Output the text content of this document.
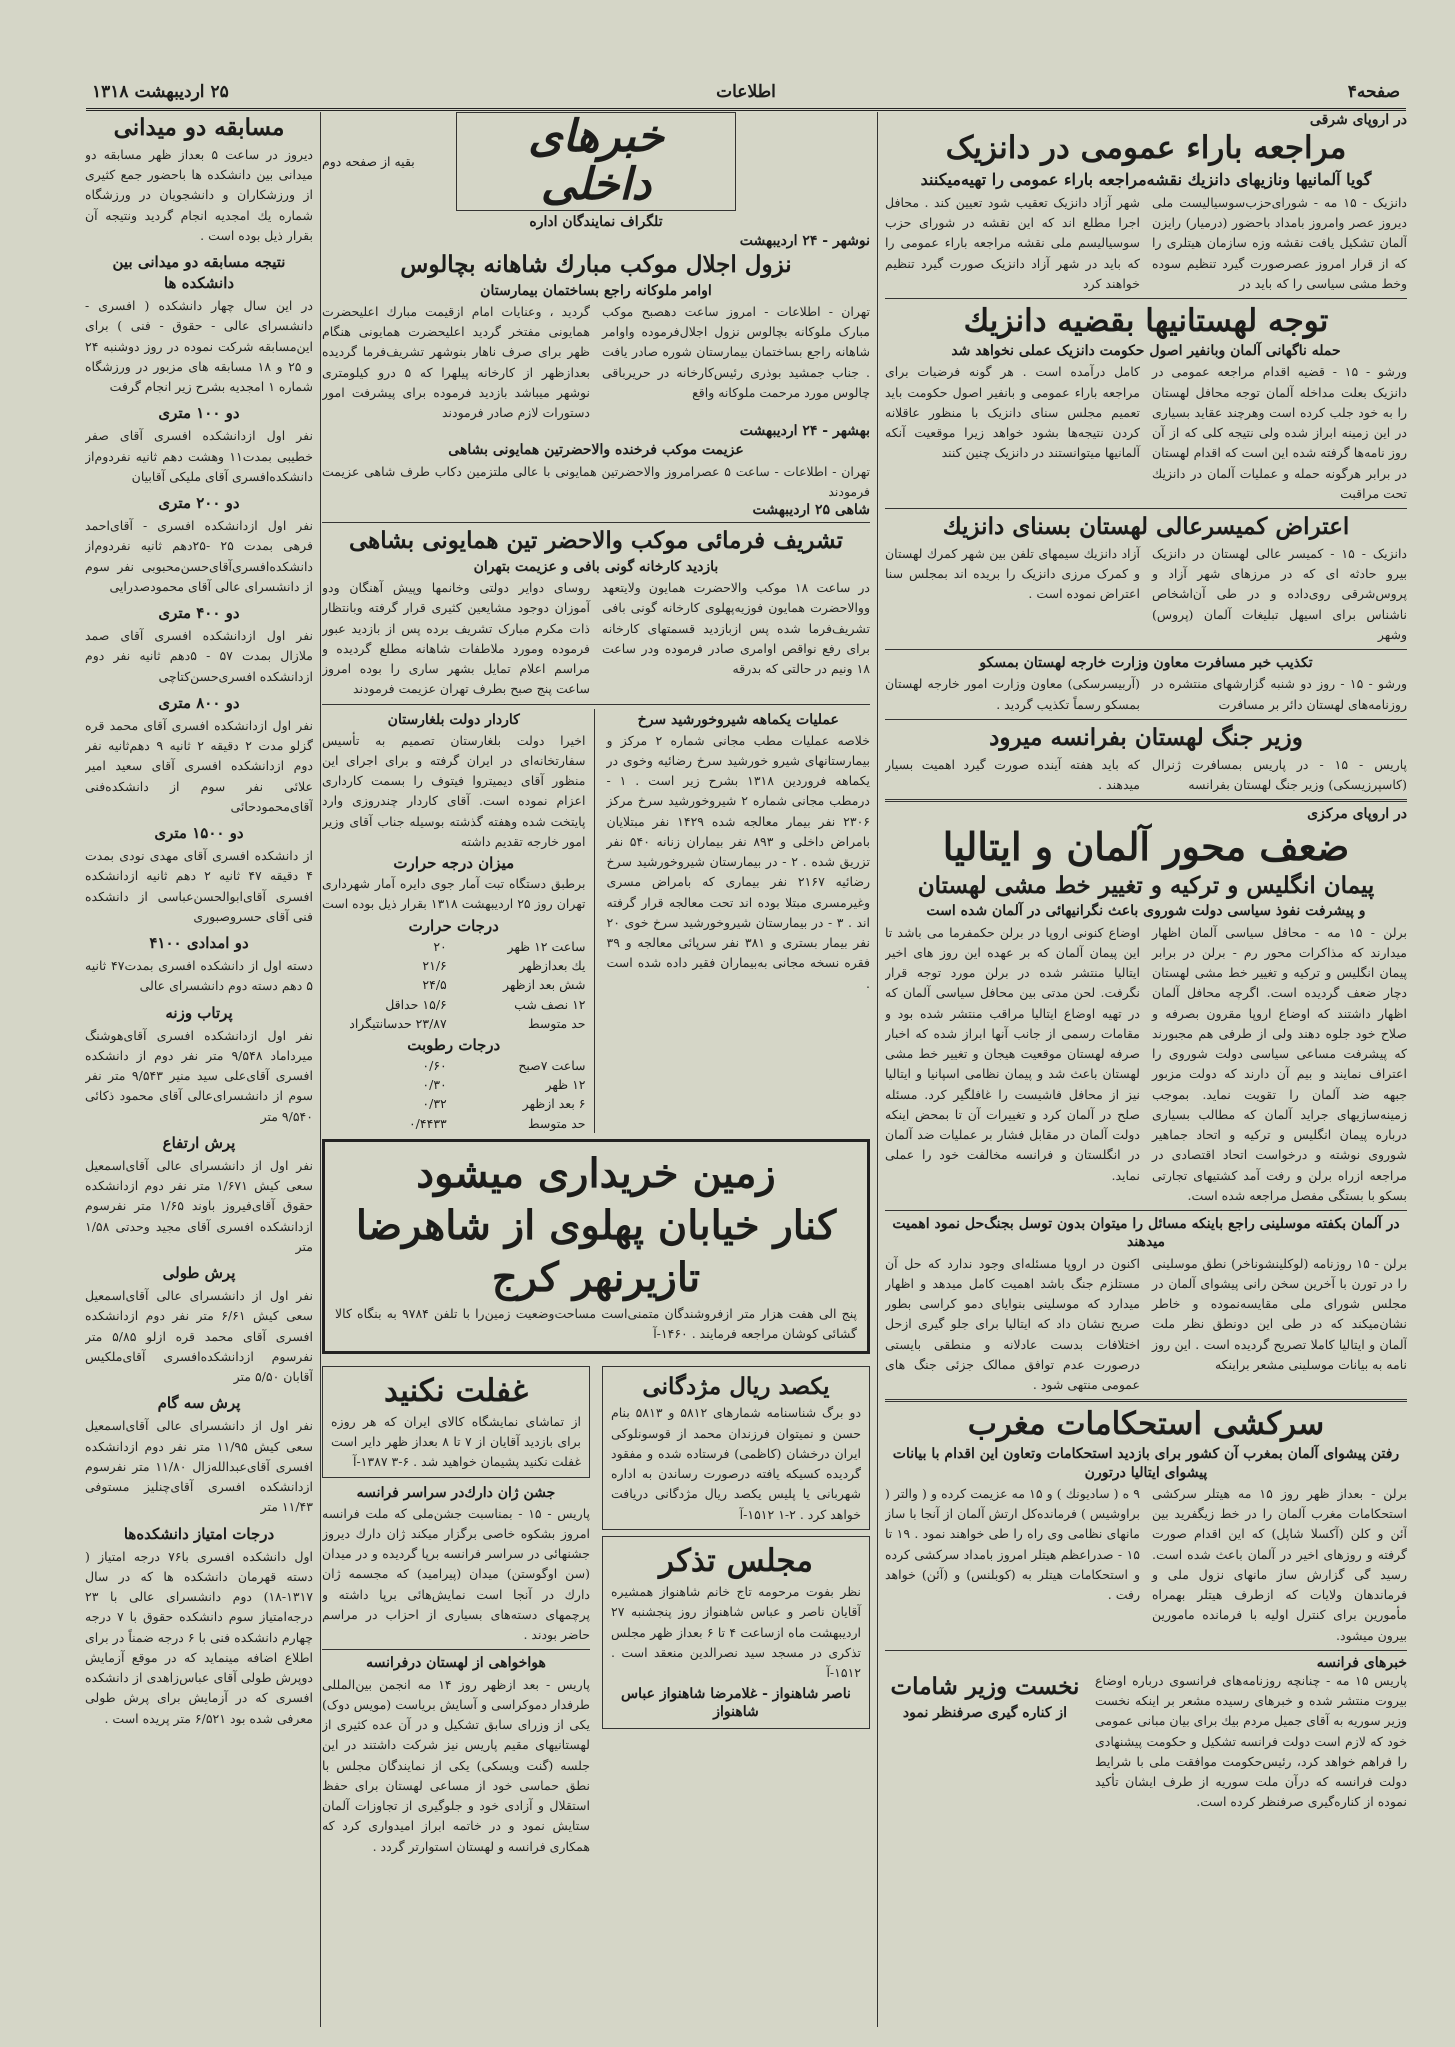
صفحه۴
اطلاعات
۲۵ اردیبهشت ۱۳۱۸
در اروپای شرقی
مراجعه باراء عمومی در دانزیک
گویا آلمانیها ونازیهای دانزیك نقشه‌مراجعه باراء عمومی را تهیه‌میکنند
دانزیک - ۱۵ مه - شورای‌حزب‌سوسیالیست ملی دیروز عصر وامروز بامداد باحضور (درمیار) رایزن آلمان تشکیل یافت نقشه وزه سازمان هیتلری را که از قرار امروز عصرصورت گیرد تنظیم سوده وخط مشی سیاسی را که باید در
شهر آزاد دانزیک تعقیب شود تعیین کند . محافل اجرا مطلع اند که این نقشه در شورای حزب سوسیالیسم ملی نقشه مراجعه باراء عمومی را که باید در شهر آزاد دانزیک صورت گیرد تنظیم خواهند کرد
توجه لهستانیها بقضیه دانزیك
حمله ناگهانی آلمان وبانفیر اصول حکومت دانزیک عملی نخواهد شد
ورشو - ۱۵ - قضیه اقدام مراجعه عمومی در دانزیک بعلت مداخله آلمان توجه محافل لهستان را به خود جلب کرده است وهرچند عقاید بسیاری در این زمینه ابراز شده ولی نتیجه کلی که از آن روز نامه‌ها گرفته شده این است که اقدام لهستان در برابر هرگونه حمله و عملیات آلمان در دانزیك تحت مراقبت
کامل درآمده است . هر گونه فرضیات برای مراجعه باراء عمومی و بانفیر اصول حکومت باید تعمیم مجلس سنای دانزیک با منظور عاقلانه کردن نتیجه‌ها بشود خواهد زیرا موقعیت آنکه آلمانیها میتوانستند در دانزیک چنین کنند
اعتراض کمیسرعالی لهستان بسنای دانزیك
دانزیک - ۱۵ - کمیسر عالی لهستان در دانزیک بیرو حادثه ای که در مرزهای شهر آزاد و پروس‌شرقی روی‌داده و در طی آن‌اشخاص ناشناس برای اسیهل تبلیغات آلمان (پروس) وشهر
آزاد دانزیك سیمهای تلفن بین شهر کمرك لهستان و کمرک مرزی دانزیک را بریده اند بمجلس سنا اعتراض نموده است .
تکذیب خبر مسافرت معاون وزارت خارجه لهستان بمسکو
ورشو - ۱۵ - روز دو شنبه گزارشهای منتشره در روزنامه‌های لهستان دائر بر مسافرت
(آربیسرسکی) معاون وزارت امور خارجه لهستان بمسکو رسماً تکذیب گردید .
وزیر جنگ لهستان بفرانسه میرود
پاریس - ۱۵ - در پاریس بمسافرت ژنرال (کاسپرزیسکی) وزیر جنگ لهستان بفرانسه
که باید هفته آینده صورت گیرد اهمیت بسیار میدهند .
در اروپای مرکزی
ضعف محور آلمان و ایتالیا
پیمان انگلیس و ترکیه و تغییر خط مشی لهستان
و پیشرفت نفوذ سیاسی دولت شوروی باعث نگرانیهائی در آلمان شده است
برلن - ۱۵ مه - محافل سیاسی آلمان اظهار میدارند که مذاکرات محور رم - برلن در برابر پیمان انگلیس و ترکیه و تغییر خط مشی لهستان دچار ضعف گردیده است. اگرچه محافل آلمان اظهار داشتند که اوضاع اروپا مقرون بصرفه و صلاح خود جلوه دهند ولی از طرفی هم مجبورند که پیشرفت مساعی سیاسی دولت شوروی را اعتراف نمایند و بیم آن دارند که دولت مزبور جبهه ضد آلمان را تقویت نماید. بموجب زمینه‌سازیهای جراید آلمان که مطالب بسیاری درباره پیمان انگلیس و ترکیه و اتحاد جماهیر شوروی نوشته و درخواست اتحاد اقتصادی در مراجعه ازراه برلن و رفت آمد کشتیهای تجارتی بسکو با بستگی مفصل مراجعه شده است.
اوضاع کنونی اروپا در برلن حکمفرما می باشد تا این پیمان آلمان که بر عهده این روز های اخیر ایتالیا منتشر شده در برلن مورد توجه قرار نگرفت. لحن مدتی بین محافل سیاسی آلمان که در تهیه اوضاع ایتالیا مراقب منتشر شده بود و مقامات رسمی از جانب آنها ابراز شده که اخبار صرفه لهستان موقعیت هیجان و تغییر خط مشی لهستان باعث شد و پیمان نظامی اسپانیا و ایتالیا نیز از محافل فاشیست را غافلگیر کرد. مسئله صلح در آلمان کرد و تغییرات آن تا بمحض اینکه دولت آلمان در مقابل فشار بر عملیات ضد آلمان در انگلستان و فرانسه مخالفت خود را عملی نماید.
در آلمان بکفته موسلینی راجع باینکه مسائل را میتوان بدون توسل بجنگ‌حل نمود اهمیت میدهند
برلن - ۱۵ روزنامه (لوکلینشوناخر) نطق موسلینی را در تورن با آخرین سخن رانی پیشوای آلمان در مجلس شورای ملی مقایسه‌نموده و خاطر نشان‌میکند که در طی این دونطق نظر ملت آلمان و ایتالیا کاملا تصریح گردیده است . این روز نامه به بیانات موسلینی مشعر براینکه
اکنون در اروپا مسئله‌ای وجود ندارد که حل آن مستلزم جنگ باشد اهمیت کامل میدهد و اظهار میدارد که موسلینی بنوایای دمو کراسی بطور صریح نشان داد که ایتالیا برای جلو گیری ازحل اختلافات بدست عادلانه و منطقی بایستی درصورت عدم توافق ممالک جزئی جنگ های عمومی منتهی شود .
سرکشی استحکامات مغرب
رفتن پیشوای آلمان بمغرب آن کشور برای بازدید استحکامات وتعاون این اقدام با بیانات پیشوای ایتالیا درتورن
برلن - بعداز ظهر روز ۱۵ مه هیتلر سرکشی استحکامات مغرب آلمان را در خط زیگفرید بین آئن و کلن (آکسلا شاپل) که این اقدام صورت گرفته و روزهای اخیر در آلمان باعث شده است. رسید گی گزارش ساز مانهای نزول ملی و فرماندهان ولایات که ازطرف هیتلر بهمراه مأمورین برای کنترل اولیه با فرمانده مامورین بیرون میشود.
۹ ه ( سادیونك ) و ۱۵ مه عزیمت کرده و ( والتر ( براوشیس ) فرمانده‌کل ارتش آلمان از آنجا با ساز مانهای نظامی وی راه را طی خواهند نمود . ۱۹ تا ۱۵ - صدراعظم هیتلر امروز بامداد سرکشی کرده و استحکامات هیتلر به (کوبلنس) و (آئن) خواهد رفت .
خبرهای فرانسه
پاریس ۱۵ مه - چنانچه روزنامه‌های فرانسوی درباره اوضاع بیروت منتشر شده و خبرهای رسیده مشعر بر اینکه نخست وزیر سوریه به آقای جمیل مردم بیك برای بیان مبانی عمومی خود که لازم است دولت فرانسه تشکیل و حکومت پیشنهادی را فراهم خواهد کرد، رئیس‌حکومت موافقت ملی با شرایط دولت فرانسه که درآن ملت سوریه از طرف ایشان تأکید نموده از کناره‌گیری صرفنظر کرده است.
نخست وزیر شامات
از کناره گیری صرفنظر نمود
خبرهای داخلی
بقیه از صفحه دوم
تلگراف نمایندگان اداره
نوشهر - ۲۴ اردیبهشت
نزول اجلال موکب مبارك شاهانه بچالوس
اوامر ملوکانه راجع بساختمان بیمارستان
تهران - اطلاعات - امروز ساعت دهصبح موکب مبارک ملوکانه بچالوس نزول اجلال‌فرموده واوامر شاهانه راجع بساختمان بیمارستان شوره صادر یافت . جناب جمشید بوذری رئیس‌کارخانه در حریرباقی چالوس مورد مرحمت ملوکانه واقع
گردید ، وعنایات امام ازقیمت مبارك اعلیحضرت همایونی مفتخر گردید اعلیحضرت همایونی هنگام ظهر برای صرف ناهار بنوشهر تشریف‌فرما گردیده بعدازظهر از کارخانه پیلهرا که ۵ درو کیلومتری نوشهر میباشد بازدید فرموده برای پیشرفت امور دستورات لازم صادر فرمودند
بهشهر - ۲۴ اردیبهشت
عزیمت موکب فرخنده والاحضرتین همایونی بشاهی
تهران - اطلاعات - ساعت ۵ عصرامروز والاحضرتین همایونی با عالی ملتزمین دکاب طرف شاهی عزیمت فرمودند
شاهی ۲۵ اردیبهشت
تشریف فرمائی موکب والاحضر تین همایونی بشاهی
بازدید کارخانه گونی بافی و عزیمت بتهران
در ساعت ۱۸ موکب والاحضرت همایون ولایتعهد ووالاحضرت همایون فوزیه‌پهلوی کارخانه گونی بافی تشریف‌فرما شده پس ازبازدید قسمتهای کارخانه برای رفع نواقص اوامری صادر فرموده ودر ساعت ۱۸ ونیم در حالتی که بدرقه
روسای دوایر دولتی وخانمها وپیش آهنگان ودو آموزان دوجود مشایعین کثیری قرار گرفته وبانتظار ذات مکرم مبارک تشریف برده پس از بازدید عبور فرموده ومورد ملاطفات شاهانه مطلع گردیده و مراسم اعلام تمایل بشهر ساری را بوده امروز ساعت پنج صبح بطرف تهران عزیمت فرمودند
عملیات یکماهه شیروخورشید سرخ
خلاصه عملیات مطب مجانی شماره ۲ مرکز و بیمارستانهای شیرو خورشید سرخ رضائیه وخوی در یکماهه فروردین ۱۳۱۸ بشرح زیر است . ۱ - درمطب مجانی شماره ۲ شیروخورشید سرخ مرکز ۲۳۰۶ نفر بیمار معالجه شده ۱۴۲۹ نفر مبتلایان بامراض داخلی و ۸۹۳ نفر بیماران زنانه ۵۴۰ نفر تزریق شده . ۲ - در بیمارستان شیروخورشید سرخ رضائیه ۲۱۶۷ نفر بیماری که بامراض مسری وغیرمسری مبتلا بوده اند تحت معالجه قرار گرفته اند . ۳ - در بیمارستان شیروخورشید سرخ خوی ۲۰ نفر بیمار بستری و ۳۸۱ نفر سرپائی معالجه و ۳۹ فقره نسخه مجانی به‌بیماران فقیر داده شده است .
کاردار دولت بلغارستان
اخیرا دولت بلغارستان تصمیم به تأسیس سفارتخانه‌ای در ایران گرفته و برای اجرای این منظور آقای دیمیتروا فیتوف را بسمت کارداری اعزام نموده است. آقای کاردار چندروزی وارد پایتخت شده وهفته گذشته بوسیله جناب آقای وزیر امور خارجه تقدیم داشته
میزان درجه حرارت
برطبق دستگاه تبت آمار جوی دایره آمار شهرداری تهران روز ۲۵ اردیبهشت ۱۳۱۸ بقرار ذیل بوده است
درجات حرارت
ساعت ۱۲ ظهر
۲۰
یك بعدازظهر
۲۱/۶
شش بعد ازظهر
۲۴/۵
۱۲ نصف شب
۱۵/۶ حداقل
حد متوسط
۲۳/۸۷ حدسانتیگراد
درجات رطوبت
ساعت ۷صبح
۰/۶۰
۱۲ ظهر
۰/۳۰
۶ بعد ازظهر
۰/۳۲
حد متوسط
۰/۴۴۳۳
زمین خریداری میشود
کنار خیابان پهلوی از شاهرضا
تازیرنهر کرج
پنج الی هفت هزار متر ازفروشندگان متمنی‌است‌ مساحت‌وضعیت زمین‌را با تلفن ۹۷۸۴ به بنگاه کالا گشائی کوشان مراجعه فرمایند . ۱۴۶۰-آ
یکصد ریال مژدگانی
دو برگ شناسنامه شمارهای ۵۸۱۲ و ۵۸۱۳ بنام حسن و نمیتوان فرزندان محمد از قوسونلوکی ایران درخشان (کاظمی) فرستاده شده و مفقود گردیده کسیکه یافته درصورت رساندن به اداره شهربانی یا پلیس یکصد ریال مژدگانی دریافت خواهد کرد . ۲-۱ ۱۵۱۲-آ
مجلس تذکر
نظر بفوت مرحومه تاج خانم شاهنواز همشیره آقایان ناصر و عباس شاهنواز روز پنجشنبه ۲۷ اردیبهشت ماه ازساعت ۴ تا ۶ بعداز ظهر مجلس تذکری در مسجد سید نصرالدین منعقد است . ۱۵۱۲-آ
ناصر شاهنواز - غلامرضا شاهنواز عباس شاهنواز
غفلت نکنید
از تماشای نمایشگاه کالای ایران که هر روزه برای بازدید آقایان از ۷ تا ۸ بعداز ظهر دایر است غفلت نکنید پشیمان خواهید شد . ۶-۳ ۱۳۸۷-آ
جشن ژان دارك‌در سراسر فرانسه
پاریس - ۱۵ - بمناسبت جشن‌ملی که ملت فرانسه امروز بشکوه خاصی برگزار میکند ژان دارك دیروز جشنهائی در سراسر فرانسه برپا گردیده و در میدان (سن اوگوستن) میدان (پیرامید) که مجسمه ژان دارك در آنجا است نمایش‌هائی برپا داشته و پرچمهای دسته‌های بسیاری از احزاب در مراسم حاضر بودند .
هواخواهی از لهستان درفرانسه
پاریس - بعد ازظهر روز ۱۴ مه انجمن بین‌المللی طرفدار دموکراسی و آسایش بریاست (مویس دوک) یکی از وزرای سابق تشکیل و در آن عده کثیری از لهستانیهای مقیم پاریس نیز شرکت داشتند در این جلسه (گنت ویسکی) یکی از نمایندگان مجلس با نطق حماسی خود از مساعی لهستان برای حفظ استقلال و آزادی خود و جلوگیری از تجاوزات آلمان ستایش نمود و در خاتمه ابراز امیدواری کرد که همکاری فرانسه و لهستان استوارتر گردد .
مسابقه دو میدانی
دیروز در ساعت ۵ بعداز ظهر مسابقه دو میدانی بین دانشکده ها باحضور جمع کثیری از ورزشکاران و دانشجویان در ورزشگاه شماره یك امجدیه انجام گردید ونتیجه آن بقرار ذیل بوده است .
نتیجه مسابقه دو میدانی بین دانشکده ها
در این سال چهار دانشکده ( افسری - دانشسرای عالی - حقوق - فنی ) برای این‌مسابقه شرکت نموده در روز دوشنبه ۲۴ و ۲۵ و ۱۸ مسابقه های مزبور در ورزشگاه شماره ۱ امجدیه بشرح زیر انجام گرفت
دو ۱۰۰ متری
نفر اول ازدانشکده افسری آقای صفر خطیبی بمدت۱۱ وهشت دهم ثانیه نفردوم‌از دانشکده‌افسری آقای ملیکی آقابیان
دو ۲۰۰ متری
نفر اول ازدانشکده افسری - آقای‌احمد فرهی بمدت ۲۵ -۲۵دهم ثانیه نفردوم‌از دانشکده‌افسری‌آقای‌حسن‌محبوبی نفر سوم از دانشسرای عالی آقای محمودصدرایی
دو ۴۰۰ متری
نفر اول ازدانشکده افسری آقای صمد ملازال بمدت ۵۷ - ۵دهم ثانیه نفر دوم ازدانشکده افسری‌حسن‌کتاچی
دو ۸۰۰ متری
نفر اول ازدانشکده افسری آقای محمد قره گزلو مدت ۲ دقیقه ۲ ثانیه ۹ دهم‌ثانیه نفر دوم ازدانشکده افسری آقای سعید امیر علائی نفر سوم از دانشکده‌فنی آقای‌محمودحائی
دو ۱۵۰۰ متری
از دانشکده افسری آقای مهدی نودی بمدت ۴ دقیقه ۴۷ ثانیه ۲ دهم ثانیه ازدانشکده افسری آقای‌ابوالحسن‌عباسی از دانشکده فنی آقای حسروصبوری
دو امدادی ۴۱۰۰
دسته اول از دانشکده افسری بمدت۴۷ ثانیه ۵ دهم دسته دوم دانشسرای عالی
پرتاب وزنه
نفر اول ازدانشکده افسری آقای‌هوشنگ میرداماد ۹/۵۴۸ متر نفر دوم از دانشکده افسری آقای‌علی سید منیر ۹/۵۴۳ متر نفر سوم از دانشسرای‌عالی آقای محمود ذکائی ۹/۵۴۰ متر
پرش ارتفاع
نفر اول از دانشسرای عالی آقای‌اسمعیل سعی کیش ۱/۶۷۱ متر نفر دوم ازدانشکده حقوق آقای‌فیروز باوند ۱/۶۵ متر نفرسوم ازدانشکده افسری آقای مجید وحدتی ۱/۵۸ متر
پرش طولی
نفر اول از دانشسرای عالی آقای‌اسمعیل سعی کیش ۶/۶۱ متر نفر دوم ازدانشکده افسری آقای محمد قره ازلو ۵/۸۵ متر نفرسوم ازدانشکده‌افسری آقای‌ملکیس آقابان ۵/۵۰ متر
پرش سه گام
نفر اول از دانشسرای عالی آقای‌اسمعیل سعی کیش ۱۱/۹۵ متر نفر دوم ازدانشکده افسری آقای‌عبدالله‌زال ۱۱/۸۰ متر نفرسوم ازدانشکده افسری آقای‌چنلیز مستوفی ۱۱/۴۳ متر
درجات امتیاز دانشکده‌ها
اول دانشکده افسری با۷۶ درجه امتیاز ( دسته قهرمان دانشکده ها که در سال ۱۳۱۷-۱۸) دوم دانشسرای عالی با ۲۳ درجه‌امتیاز سوم دانشکده حقوق با ۷ درجه چهارم دانشکده فنی با ۶ درجه ضمناً در برای اطلاع اضافه مینماید که در موقع آزمایش دوپرش طولی آقای عباس‌زاهدی از دانشکده افسری که در آزمایش برای پرش طولی معرفی شده بود ۶/۵۲۱ متر پریده است .
